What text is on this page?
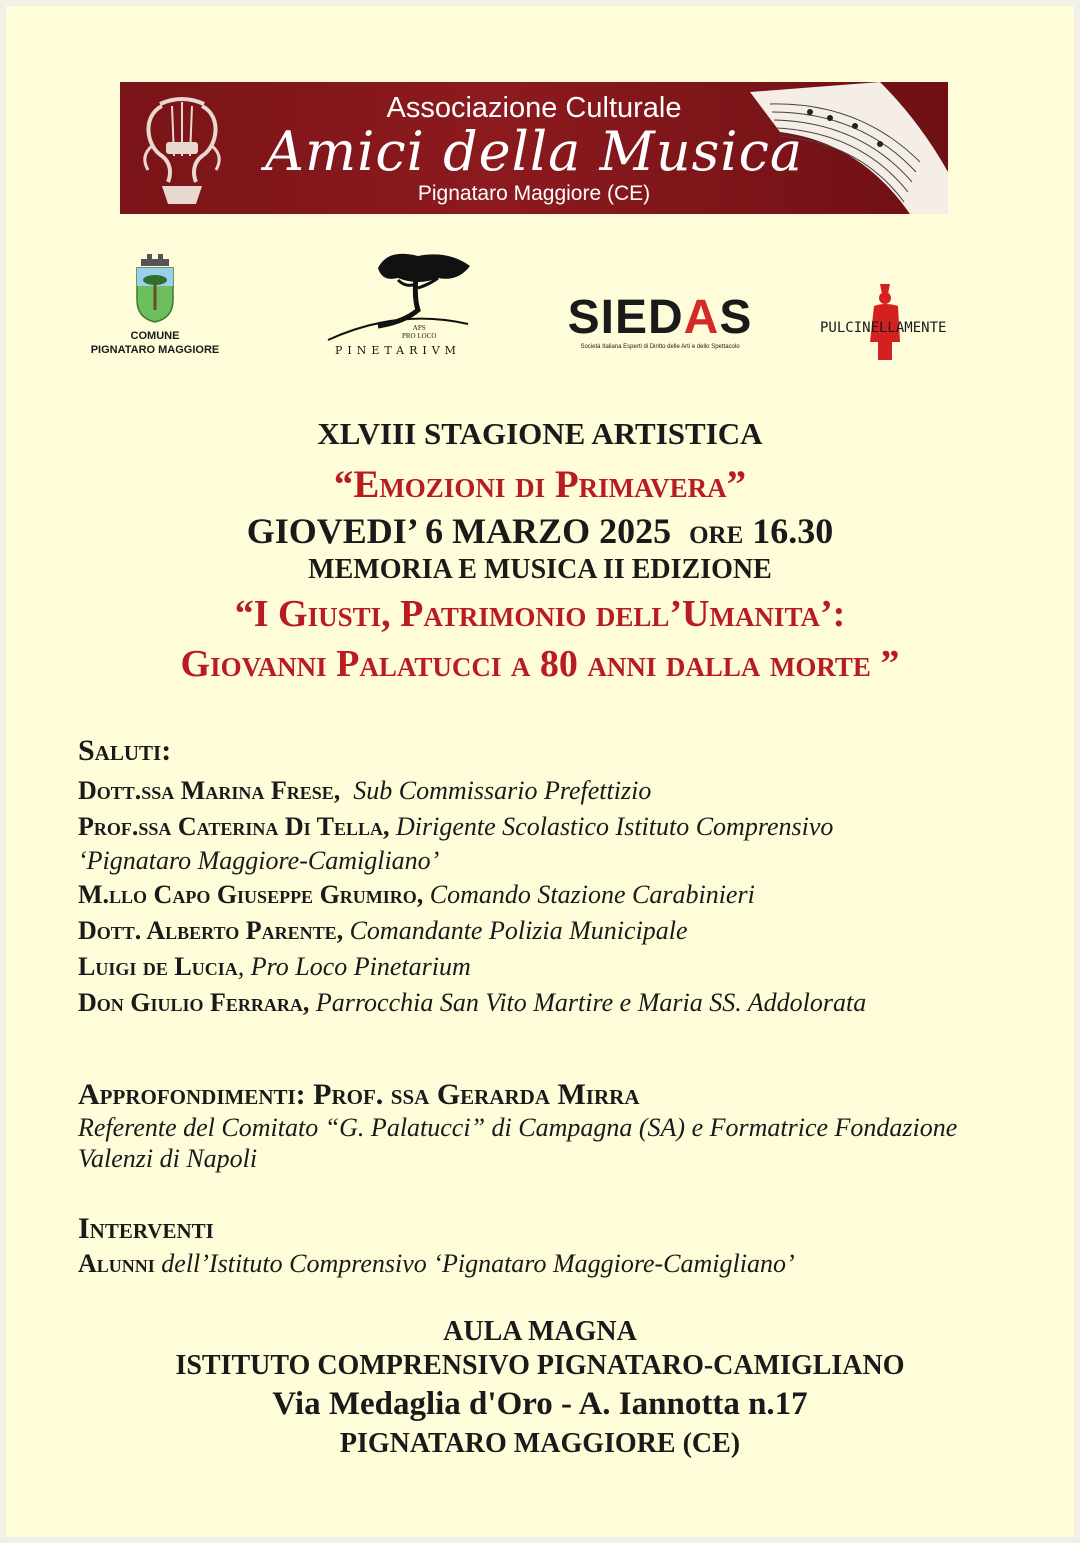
Associazione Culturale
Amici della Musica
Pignataro Maggiore (CE)
COMUNE
PIGNATARO MAGGIORE
APS
PRO LOCO
PINETARIVM
SIEDAS
Società Italiana Esperti di Diritto delle Arti e dello Spettacolo
PULCINELLAMENTE
XLVIII STAGIONE ARTISTICA
“Emozioni di Primavera”
GIOVEDI’ 6 MARZO 2025 ore 16.30
MEMORIA E MUSICA II EDIZIONE
“I Giusti, Patrimonio dell’Umanita’:
Giovanni Palatucci a 80 anni dalla morte ”
Saluti:
Dott.ssa Marina Frese, Sub Commissario Prefettizio
Prof.ssa Caterina Di Tella, Dirigente Scolastico Istituto Comprensivo
‘Pignataro Maggiore-Camigliano’
M.llo Capo Giuseppe Grumiro, Comando Stazione Carabinieri
Dott. Alberto Parente, Comandante Polizia Municipale
Luigi de Lucia, Pro Loco Pinetarium
Don Giulio Ferrara, Parrocchia San Vito Martire e Maria SS. Addolorata
Approfondimenti: Prof. ssa Gerarda Mirra
Referente del Comitato “G. Palatucci” di Campagna (SA) e Formatrice Fondazione
Valenzi di Napoli
Interventi
Alunni dell’Istituto Comprensivo ‘Pignataro Maggiore-Camigliano’
AULA MAGNA
ISTITUTO COMPRENSIVO PIGNATARO-CAMIGLIANO
Via Medaglia d'Oro - A. Iannotta n.17
PIGNATARO MAGGIORE (CE)
